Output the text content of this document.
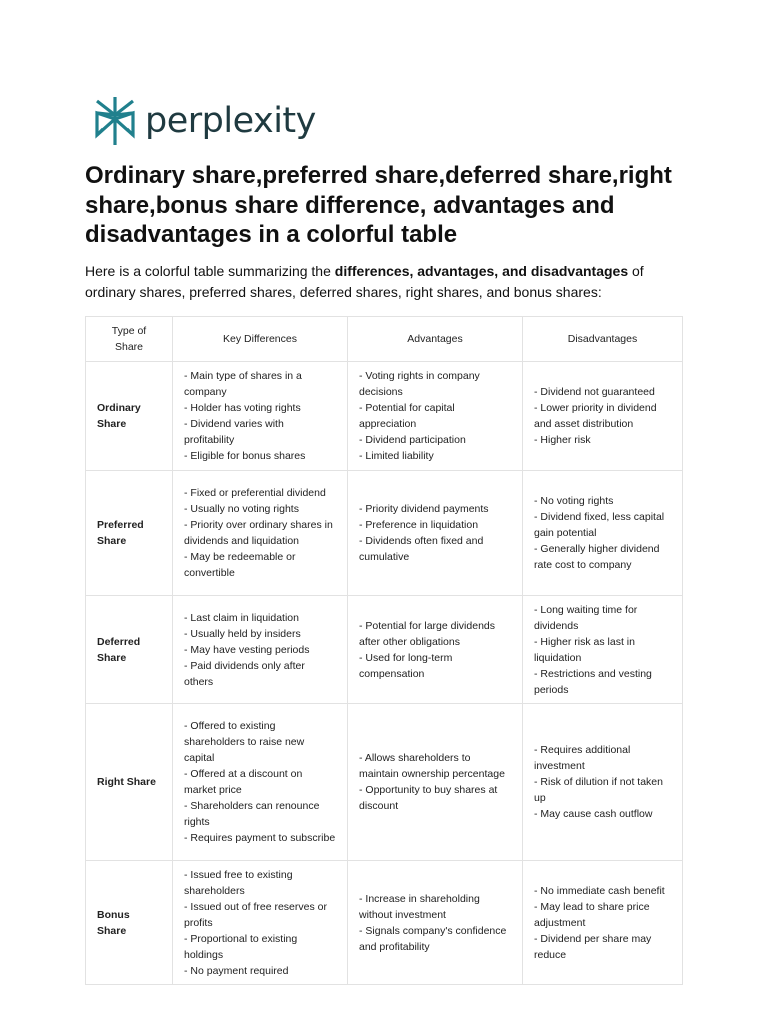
perplexity
Ordinary share,preferred share,deferred share,right share,bonus share difference, advantages and disadvantages in a colorful table

Here is a colorful table summarizing the differences, advantages, and disadvantages of ordinary shares, preferred shares, deferred shares, right shares, and bonus shares:

Type of Share	Key Differences	Advantages	Disadvantages
Ordinary Share	- Main type of shares in a company
- Holder has voting rights
- Dividend varies with profitability
- Eligible for bonus shares	- Voting rights in company decisions
- Potential for capital appreciation
- Dividend participation
- Limited liability	- Dividend not guaranteed
- Lower priority in dividend and asset distribution
- Higher risk

Preferred Share	- Fixed or preferential dividend
- Usually no voting rights
- Priority over ordinary shares in dividends and liquidation
- May be redeemable or convertible	- Priority dividend payments
- Preference in liquidation
- Dividends often fixed and cumulative	- No voting rights
- Dividend fixed, less capital gain potential
- Generally higher dividend rate cost to company

Deferred Share	- Last claim in liquidation
- Usually held by insiders
- May have vesting periods
- Paid dividends only after others	- Potential for large dividends after other obligations
- Used for long-term compensation	- Long waiting time for dividends
- Higher risk as last in liquidation
- Restrictions and vesting periods

Right Share	- Offered to existing shareholders to raise new capital
- Offered at a discount on market price
- Shareholders can renounce rights
- Requires payment to subscribe	- Allows shareholders to maintain ownership percentage
- Opportunity to buy shares at discount	- Requires additional investment
- Risk of dilution if not taken up
- May cause cash outflow

Bonus Share	- Issued free to existing shareholders
- Issued out of free reserves or profits
- Proportional to existing holdings
- No payment required	- Increase in shareholding without investment
- Signals company's confidence and profitability	- No immediate cash benefit
- May lead to share price adjustment
- Dividend per share may reduce
